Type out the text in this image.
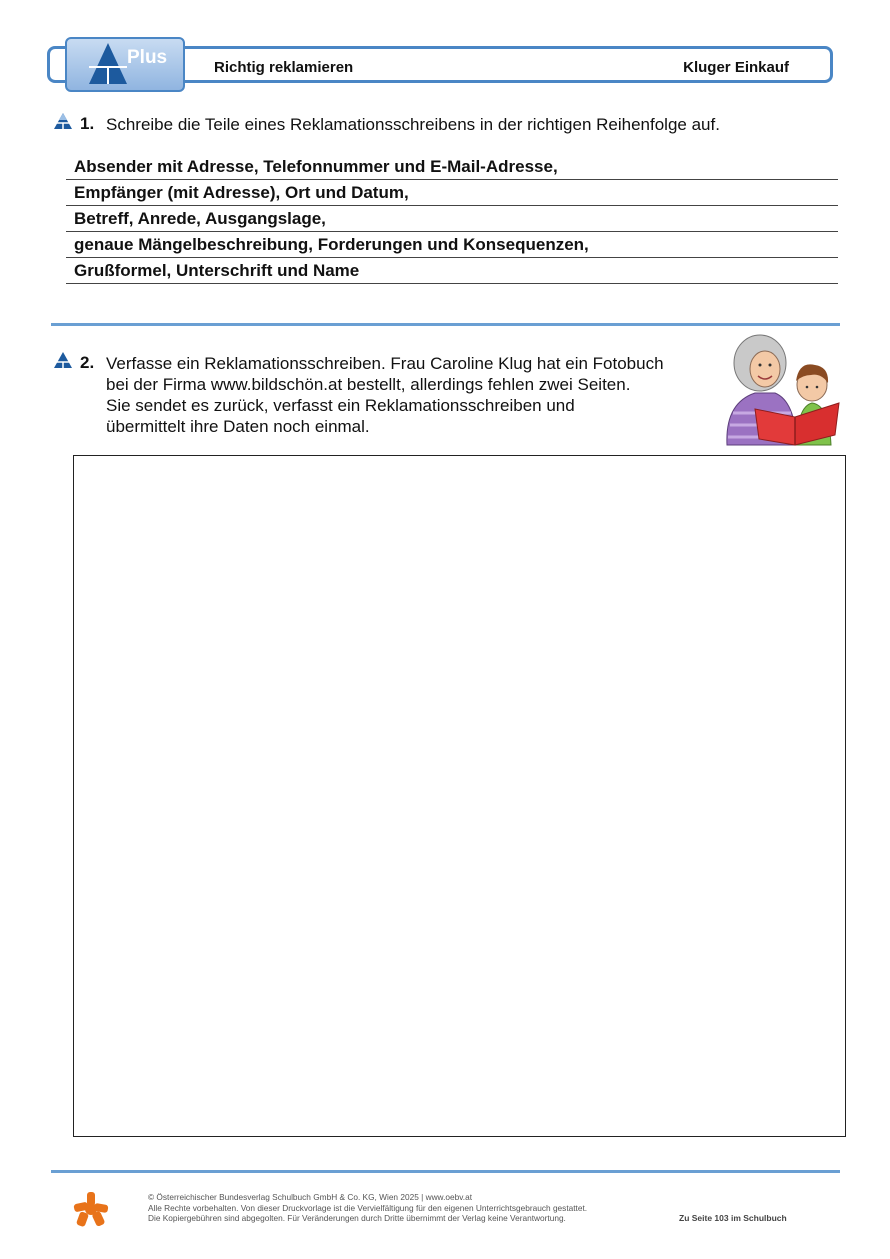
Plus	Richtig reklamieren	Kluger Einkauf
1. Schreibe die Teile eines Reklamationsschreibens in der richtigen Reihenfolge auf.
Absender mit Adresse, Telefonnummer und E-Mail-Adresse,
Empfänger (mit Adresse), Ort und Datum,
Betreff, Anrede, Ausgangslage,
genaue Mängelbeschreibung, Forderungen und Konsequenzen,
Grußformel, Unterschrift und Name
2. Verfasse ein Reklamationsschreiben. Frau Caroline Klug hat ein Fotobuch
bei der Firma www.bildschön.at bestellt, allerdings fehlen zwei Seiten.
Sie sendet es zurück, verfasst ein Reklamationsschreiben und
übermittelt ihre Daten noch einmal.
© Österreichischer Bundesverlag Schulbuch GmbH & Co. KG, Wien 2025 | www.oebv.at
Alle Rechte vorbehalten. Von dieser Druckvorlage ist die Vervielfältigung für den eigenen Unterrichtsgebrauch gestattet.
Die Kopiergebühren sind abgegolten. Für Veränderungen durch Dritte übernimmt der Verlag keine Verantwortung.	Zu Seite 103 im Schulbuch
